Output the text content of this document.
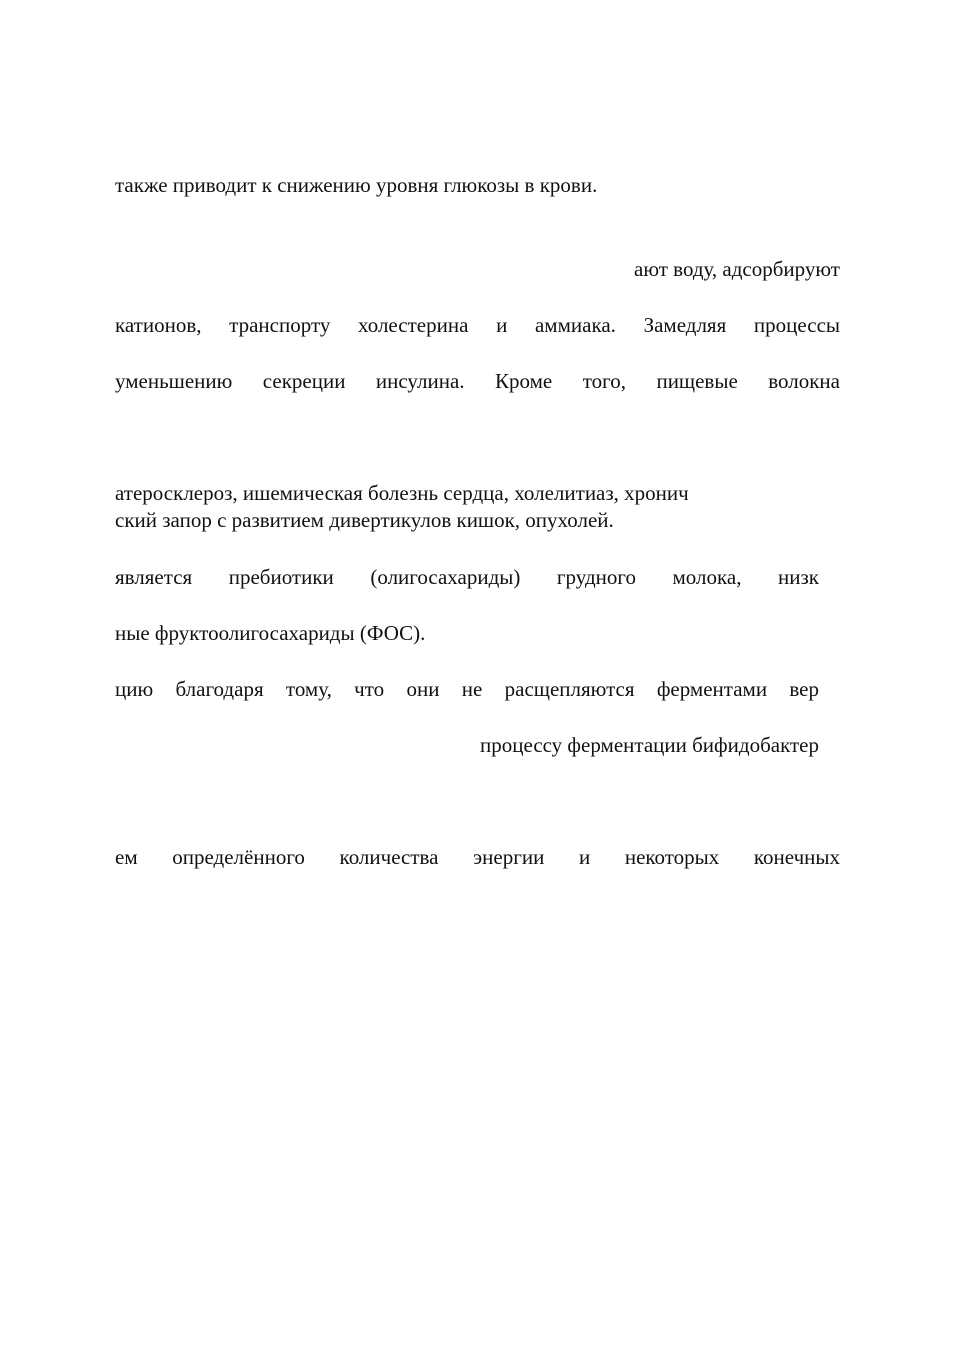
также приводит к снижению уровня глюкозы в крови.
ают воду, адсорбируют
катионов, транспорту холестерина и аммиака. Замедляя процессы
уменьшению секреции инсулина. Кроме того, пищевые волокна
атеросклероз, ишемическая болезнь сердца, холелитиаз, хронич
ский запор с развитием дивертикулов кишок, опухолей.
является пребиотики (олигосахариды) грудного молока, низк
ные фруктоолигосахариды (ФОС).
цию благодаря тому, что они не расщепляются ферментами вер
процессу ферментации бифидобактер
ем определённого количества энергии и некоторых конечных
